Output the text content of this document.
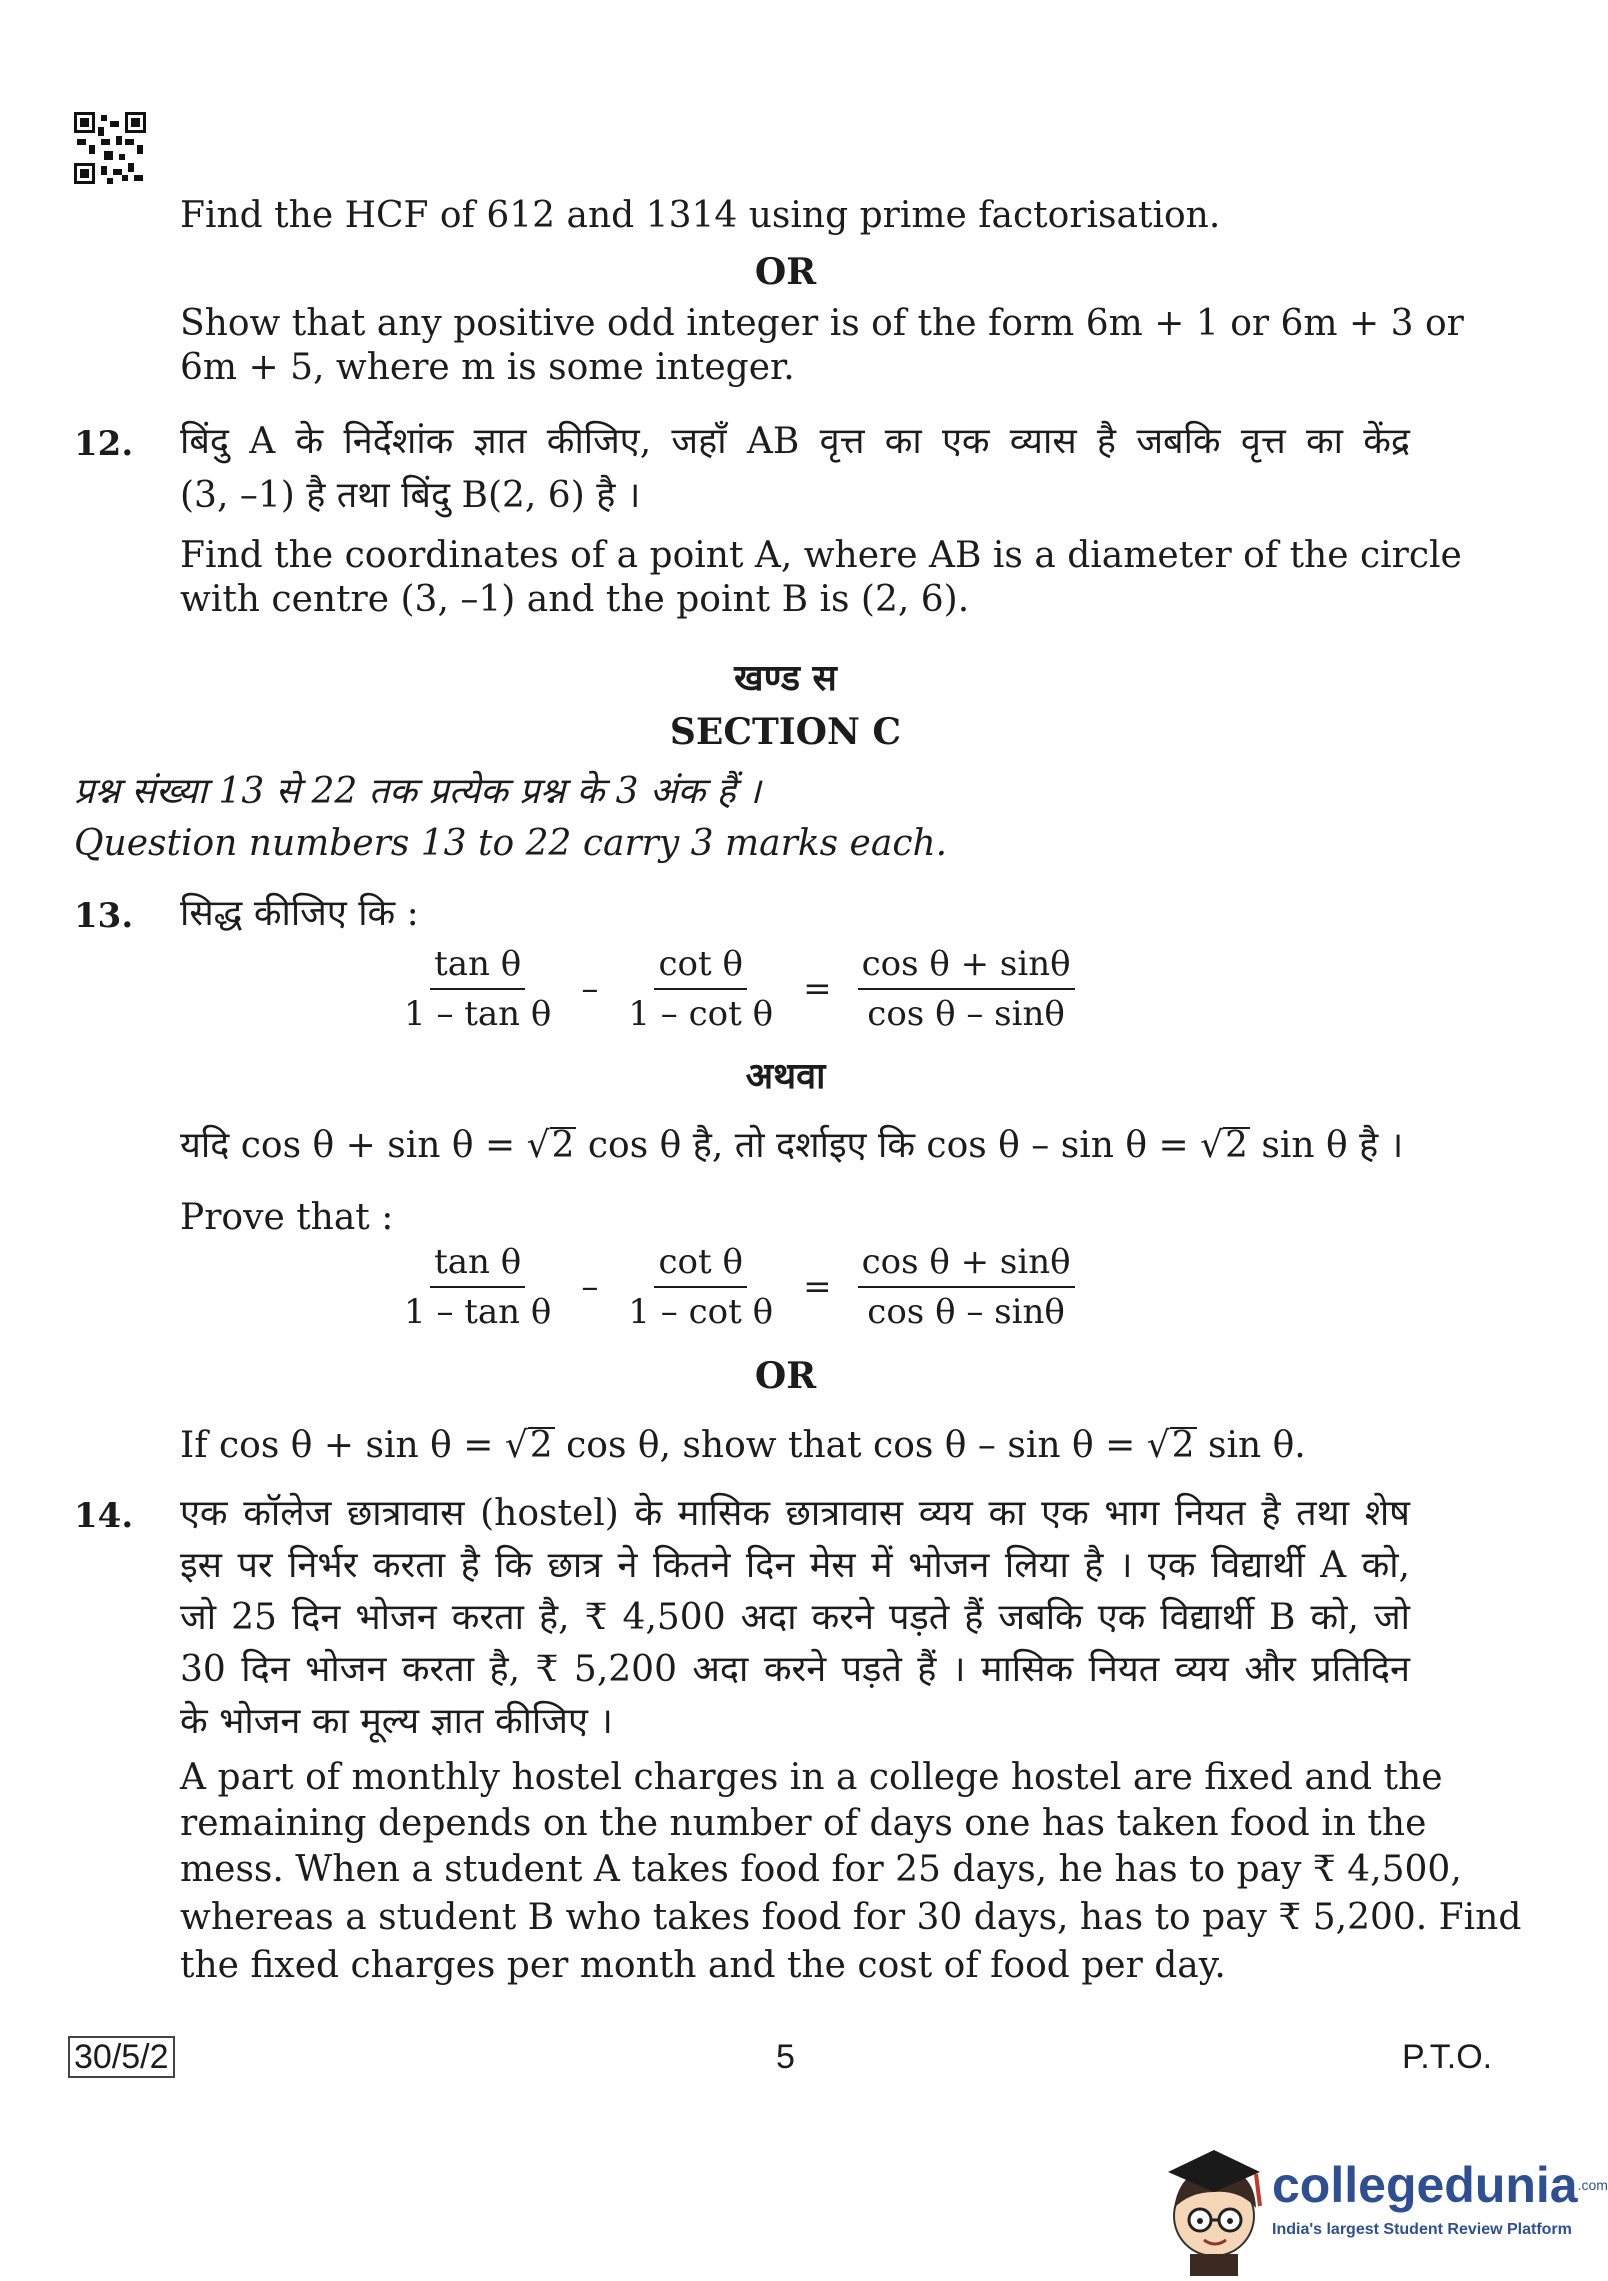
Find the HCF of 612 and 1314 using prime factorisation.
OR
Show that any positive odd integer is of the form 6m + 1 or 6m + 3 or
6m + 5, where m is some integer.
12. बिंदु A के निर्देशांक ज्ञात कीजिए, जहाँ AB वृत्त का एक व्यास है जबकि वृत्त का केंद्र
(3, –1) है तथा बिंदु B(2, 6) है ।
Find the coordinates of a point A, where AB is a diameter of the circle
with centre (3, –1) and the point B is (2, 6).
खण्ड स
SECTION C
प्रश्न संख्या 13 से 22 तक प्रत्येक प्रश्न के 3 अंक हैं ।
Question numbers 13 to 22 carry 3 marks each.
13. सिद्ध कीजिए कि :
$\frac{\text{tan θ}}{\text{1 – tan θ}} - \frac{\text{cot θ}}{\text{1 – cot θ}} = \frac{\text{cos θ + sinθ}}{\text{cos θ – sinθ}}$
अथवा
यदि cos θ + sin θ = √2 cos θ है, तो दर्शाइए कि cos θ – sin θ = √2 sin θ है ।
Prove that :
$\frac{\text{tan θ}}{\text{1 – tan θ}} - \frac{\text{cot θ}}{\text{1 – cot θ}} = \frac{\text{cos θ + sinθ}}{\text{cos θ – sinθ}}$
OR
If cos θ + sin θ = √2 cos θ, show that cos θ – sin θ = √2 sin θ.
14. एक कॉलेज छात्रावास (hostel) के मासिक छात्रावास व्यय का एक भाग नियत है तथा शेष
इस पर निर्भर करता है कि छात्र ने कितने दिन मेस में भोजन लिया है । एक विद्यार्थी A को,
जो 25 दिन भोजन करता है, ₹ 4,500 अदा करने पड़ते हैं जबकि एक विद्यार्थी B को, जो
30 दिन भोजन करता है, ₹ 5,200 अदा करने पड़ते हैं । मासिक नियत व्यय और प्रतिदिन
के भोजन का मूल्य ज्ञात कीजिए ।
A part of monthly hostel charges in a college hostel are fixed and the
remaining depends on the number of days one has taken food in the
mess. When a student A takes food for 25 days, he has to pay ₹ 4,500,
whereas a student B who takes food for 30 days, has to pay ₹ 5,200. Find
the fixed charges per month and the cost of food per day.
30/5/2	5	P.T.O.
collegedunia$^{.com}$
India's largest Student Review Platform
